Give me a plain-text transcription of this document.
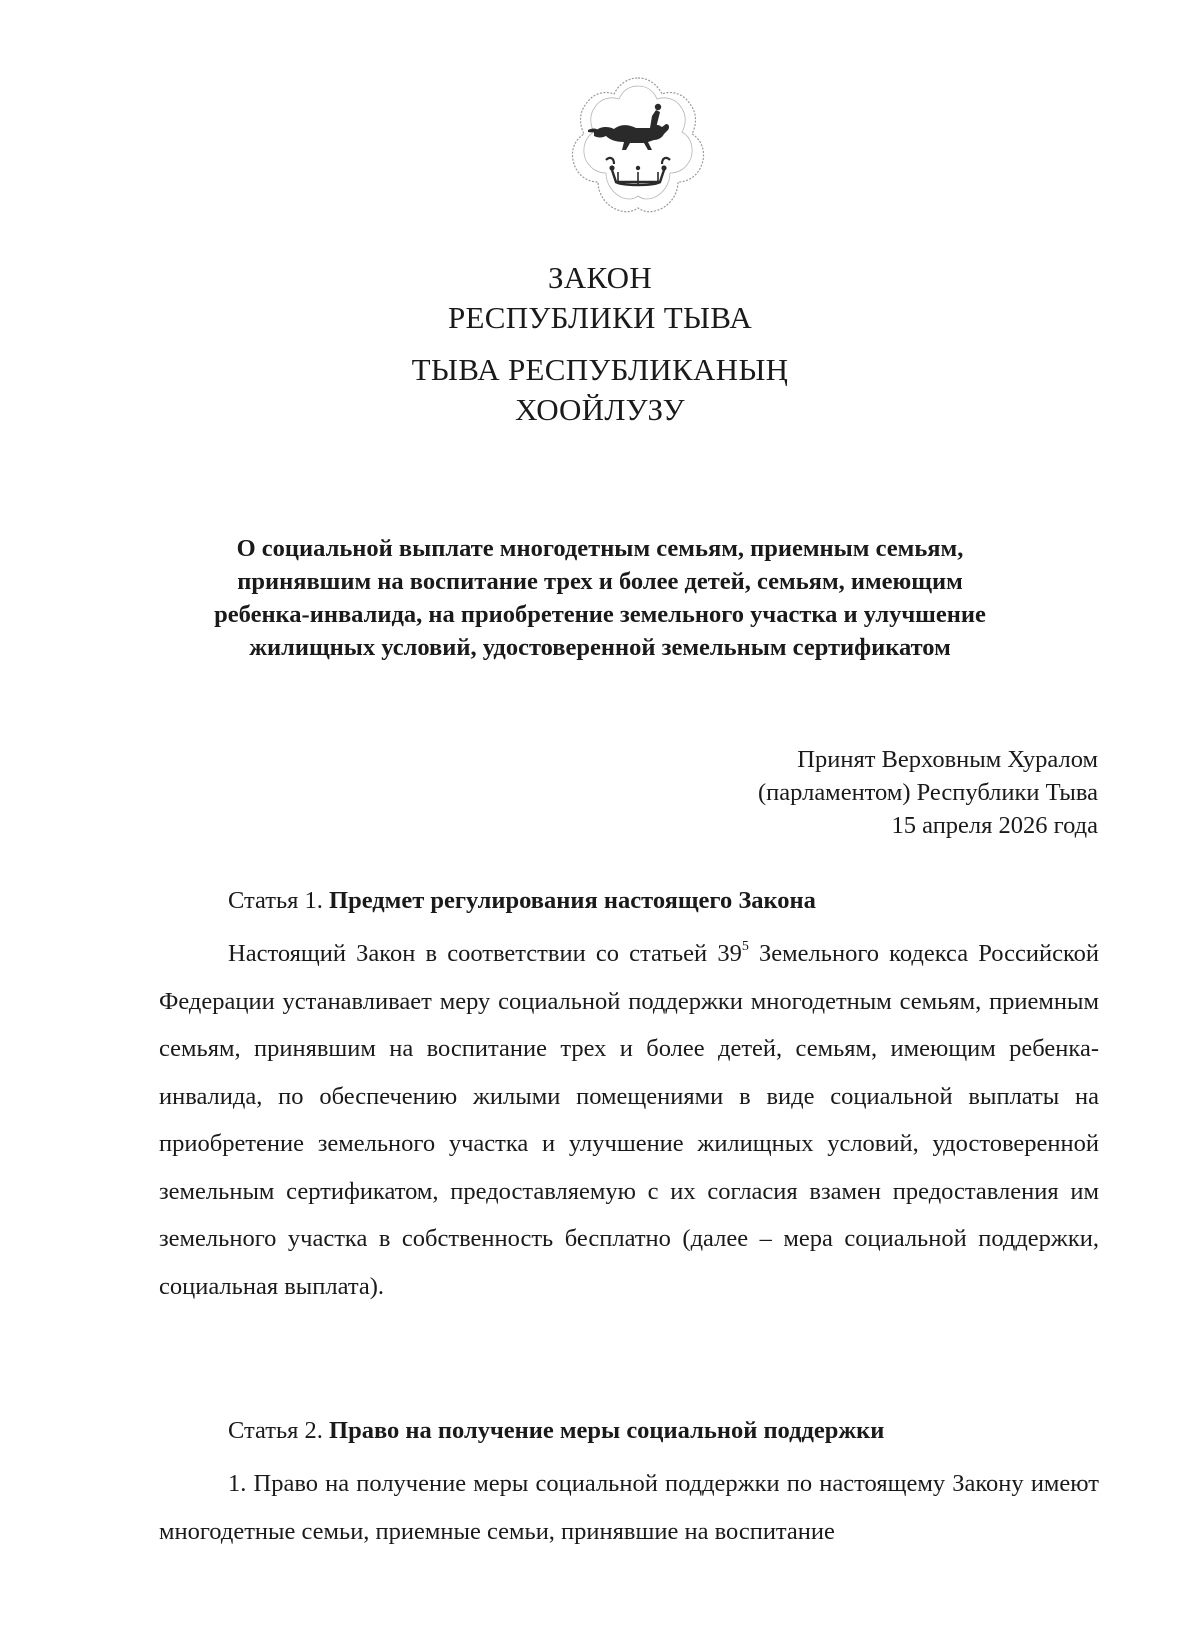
ЗАКОН
РЕСПУБЛИКИ ТЫВА
ТЫВА РЕСПУБЛИКАНЫҢ
ХООЙЛУЗУ
О социальной выплате многодетным семьям, приемным семьям,
принявшим на воспитание трех и более детей, семьям, имеющим
ребенка-инвалида, на приобретение земельного участка и улучшение
жилищных условий, удостоверенной земельным сертификатом
Принят Верховным Хуралом
(парламентом) Республики Тыва
15 апреля 2026 года
Статья 1. Предмет регулирования настоящего Закона
Настоящий Закон в соответствии со статьей $39^5$ Земельного кодекса Российской Федерации устанавливает меру социальной поддержки многодетным семьям, приемным семьям, принявшим на воспитание трех и более детей, семьям, имеющим ребенка-инвалида, по обеспечению жилыми помещениями в виде социальной выплаты на приобретение земельного участка и улучшение жилищных условий, удостоверенной земельным сертификатом, предоставляемую с их согласия взамен предоставления им земельного участка в собственность бесплатно (далее – мера социальной поддержки, социальная выплата).
Статья 2. Право на получение меры социальной поддержки
1. Право на получение меры социальной поддержки по настоящему Закону имеют многодетные семьи, приемные семьи, принявшие на воспитание
